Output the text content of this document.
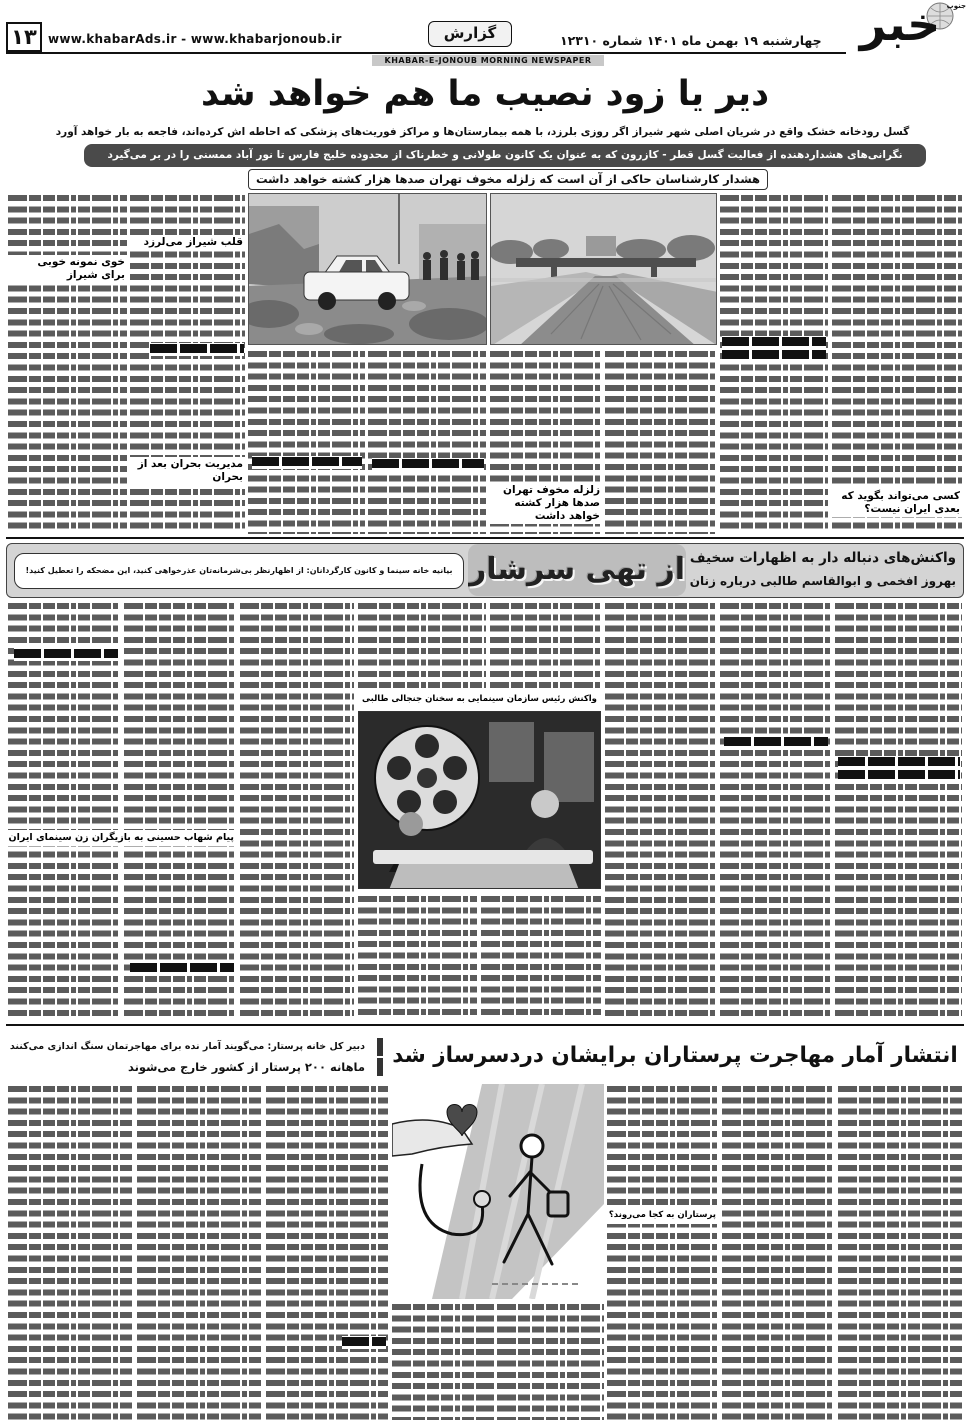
۱۳ www.khabarAds.ir - www.khabarjonoub.ir	گزارش	چهارشنبه ۱۹ بهمن ماه ۱۴۰۱ شماره ۱۲۳۱۰ خبر جنوب
KHABAR-E-JONOUB MORNING NEWSPAPER
دیر یا زود نصیب ما هم خواهد شد
گسل رودخانه خشک واقع در شریان اصلی شهر شیراز اگر روزی بلرزد، با همه بیمارستان‌ها و مراکز فوریت‌های پزشکی که احاطه اش کرده‌اند، فاجعه به بار خواهد آورد
نگرانی‌های هشداردهنده از فعالیت گسل قطر - کازرون که به عنوان یک کانون طولانی و خطرناک از محدوده خلیج فارس تا نور آباد ممسنی را در بر می‌گیرد
هشدار کارشناسان حاکی از آن است که زلزله مخوف تهران صدها هزار کشته خواهد داشت
کسی می‌تواند بگوید که بعدی ایران نیست؟
زلزله مخوف تهران صدها هزار کشته خواهد داشت
قلب شیراز می‌لرزد
مدیریت بحران بعد از بحران
خوی نمونه خوبی برای شیراز
واکنش‌های دنباله دار به اظهارات سخیف
بهروز افخمی و ابوالقاسم طالبی درباره زنان
از تهی سرشار
بیانیه خانه سینما و کانون کارگردانان: از اظهارنظر بی‌شرمانه‌تان عذرخواهی کنید، این مضحکه را تعطیل کنید!
واکنش رئیس سازمان سینمایی به سخنان جنجالی طالبی
پیام شهاب حسینی به بازیگران زن سینمای ایران
انتشار آمار مهاجرت پرستاران برایشان دردسرساز شد
دبیر کل خانه پرستار: می‌گویند آمار نده برای مهاجرتمان سنگ اندازی می‌کنند
ماهانه ۲۰۰ پرستار از کشور خارج می‌شوند
پرستاران به کجا می‌روند؟
